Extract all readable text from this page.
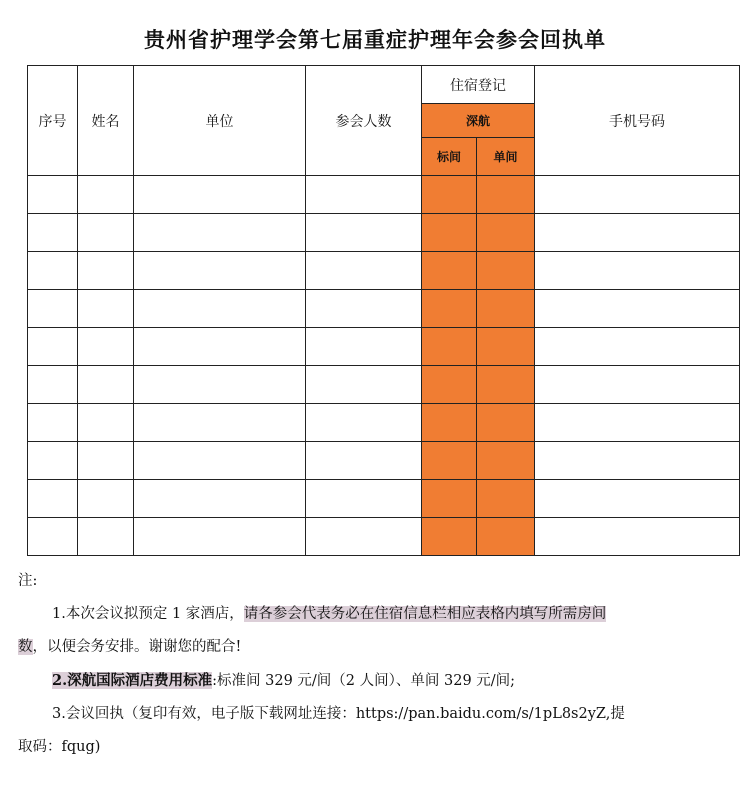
贵州省护理学会第七届重症护理年会参会回执单
序号	姓名	单位	参会人数	住宿登记		手机号码
				深航		
				标间	单间	

注:

1.本次会议拟预定 1 家酒店，请各参会代表务必在住宿信息栏相应表格内填写所需房间

数，以便会务安排。谢谢您的配合!

2.深航国际酒店费用标准:标准间 329 元/间（2 人间）、单间 329 元/间;

3.会议回执（复印有效，电子版下载网址连接：https://pan.baidu.com/s/1pL8s2yZ,提

取码：fqug)
